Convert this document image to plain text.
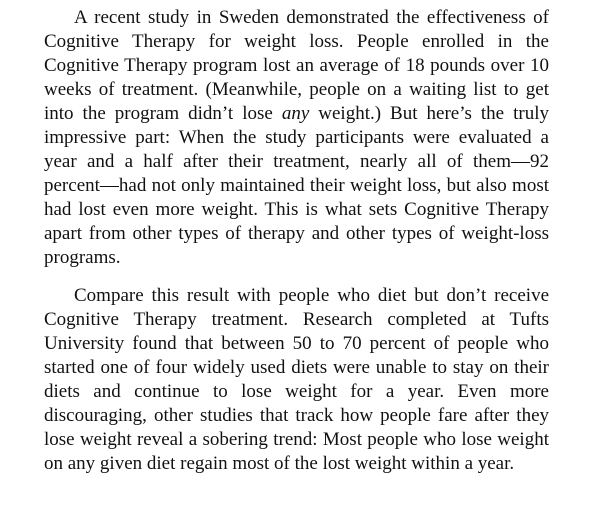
A recent study in Sweden demonstrated the effectiveness of Cognitive Therapy for weight loss. People enrolled in the Cognitive Therapy program lost an average of 18 pounds over 10 weeks of treatment. (Meanwhile, people on a waiting list to get into the program didn’t lose any weight.) But here’s the truly impressive part: When the study participants were evaluated a year and a half after their treatment, nearly all of them—92 percent—had not only maintained their weight loss, but also most had lost even more weight. This is what sets Cognitive Therapy apart from other types of therapy and other types of weight-loss programs.

Compare this result with people who diet but don’t receive Cognitive Therapy treatment. Research completed at Tufts University found that between 50 to 70 percent of people who started one of four widely used diets were unable to stay on their diets and continue to lose weight for a year. Even more discouraging, other studies that track how people fare after they lose weight reveal a sobering trend: Most people who lose weight on any given diet regain most of the lost weight within a year.
